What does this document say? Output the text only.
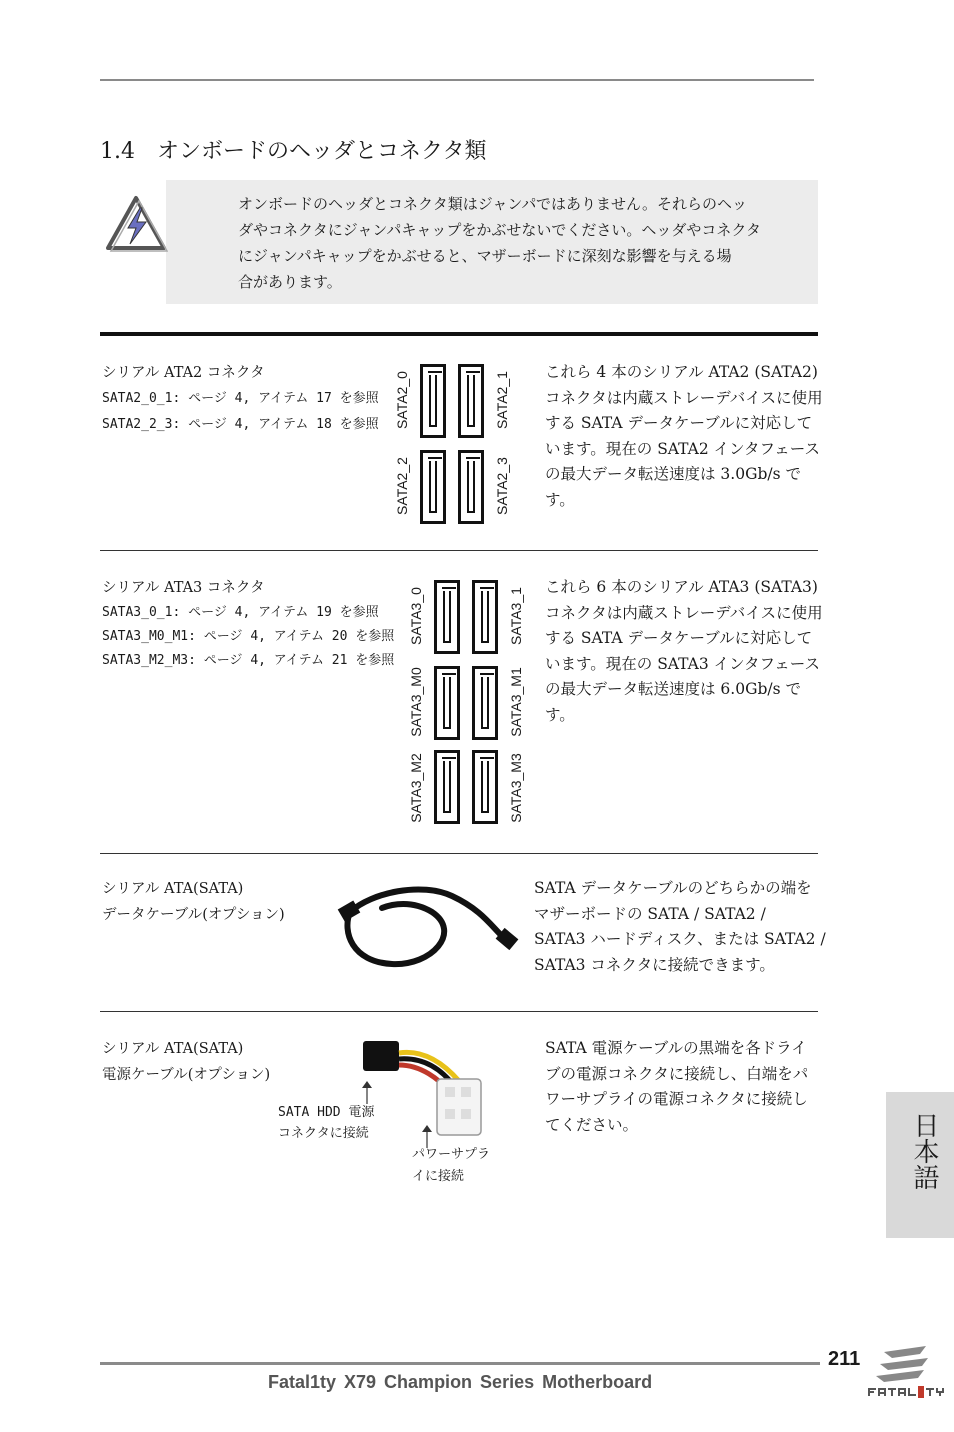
1.4　オンボードのヘッダとコネクタ類
オンボードのヘッダとコネクタ類はジャンパではありません。それらのヘッ
ダやコネクタにジャンパキャップをかぶせないでください。ヘッダやコネクタ
にジャンパキャップをかぶせると、マザーボードに深刻な影響を与える場
合があります。
シリアル ATA2 コネクタ
SATA2_0_1: ページ 4, アイテム 17 を参照
SATA2_2_3: ページ 4, アイテム 18 を参照 SATA2_0	SATA2_1
SATA2_2	SATA2_3
これら 4 本のシリアル ATA2 (SATA2)
コネクタは内蔵ストレーデバイスに使用
する SATA データケーブルに対応して
います。現在の SATA2 インタフェース
の最大データ転送速度は 3.0Gb/s で
す。
シリアル ATA3 コネクタ
SATA3_0_1: ページ 4, アイテム 19 を参照
SATA3_M0_M1: ページ 4, アイテム 20 を参照
SATA3_M2_M3: ページ 4, アイテム 21 を参照
SATA3_0	SATA3_1
SATA3_M0	SATA3_M1
SATA3_M2	SATA3_M3
これら 6 本のシリアル ATA3 (SATA3)
コネクタは内蔵ストレーデバイスに使用
する SATA データケーブルに対応して
います。現在の SATA3 インタフェース
の最大データ転送速度は 6.0Gb/s で
す。
シリアル ATA(SATA)
データケーブル(オプション)
SATA データケーブルのどちらかの端を
マザーボードの SATA / SATA2 /
SATA3 ハードディスク、または SATA2 /
SATA3 コネクタに接続できます。
シリアル ATA(SATA)
電源ケーブル(オプション)
SATA HDD 電源
コネクタに接続
パワーサプラ
イに接続
SATA 電源ケーブルの黒端を各ドライ
ブの電源コネクタに接続し、白端をパ
ワーサプライの電源コネクタに接続し
てください。	日本語
211
Fatal1ty X79 Champion Series Motherboard
